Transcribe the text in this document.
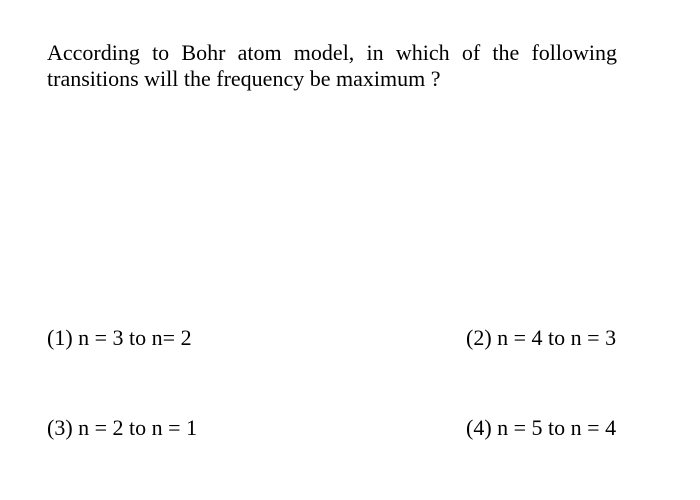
According to Bohr atom model, in which of the following
transitions will the frequency be maximum ?
(1) n = 3 to n= 2	(2) n = 4 to n = 3
(3) n = 2 to n = 1	(4) n = 5 to n = 4
